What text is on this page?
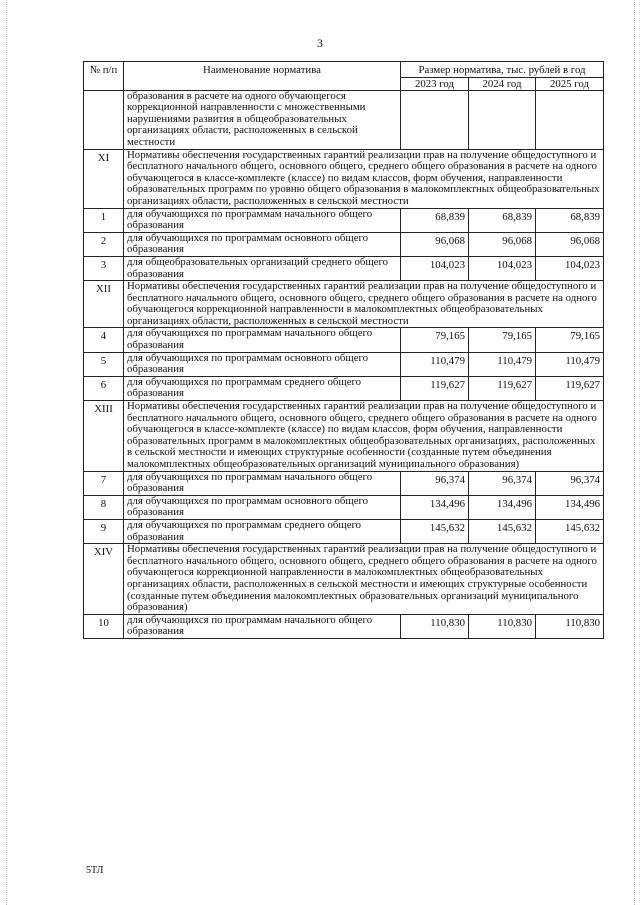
3
№ п/п	Наименование норматива	Размер норматива, тыс. рублей в год		
		2023 год	2024 год	2025 год
	образования в расчете на одного обучающегося коррекционной направленности с множественными нарушениями развития в общеобразовательных организациях области, расположенных в сельской местности			
XI	Нормативы обеспечения государственных гарантий реализации прав на получение общедоступного и бесплатного начального общего, основного общего, среднего общего образования в расчете на одного обучающегося в классе-комплекте (классе) по видам классов, форм обучения, направленности образовательных программ по уровню общего образования в малокомплектных общеобразовательных организациях области, расположенных в сельской местности			
1	для обучающихся по программам начального общего образования	68,839	68,839	68,839
2	для обучающихся по программам основного общего образования	96,068	96,068	96,068
3	для общеобразовательных организаций среднего общего образования	104,023	104,023	104,023
XII	Нормативы обеспечения государственных гарантий реализации прав на получение общедоступного и бесплатного начального общего, основного общего, среднего общего образования в расчете на одного обучающегося коррекционной направленности в малокомплектных общеобразовательных организациях области, расположенных в сельской местности			
4	для обучающихся по программам начального общего образования	79,165	79,165	79,165
5	для обучающихся по программам основного общего образования	110,479	110,479	110,479
6	для обучающихся по программам среднего общего образования	119,627	119,627	119,627
XIII	Нормативы обеспечения государственных гарантий реализации прав на получение общедоступного и бесплатного начального общего, основного общего, среднего общего образования в расчете на одного обучающегося в классе-комплекте (классе) по видам классов, форм обучения, направленности образовательных программ в малокомплектных общеобразовательных организациях, расположенных в сельской местности и имеющих структурные особенности (созданные путем объединения малокомплектных общеобразовательных организаций муниципального образования)			
7	для обучающихся по программам начального общего образования	96,374	96,374	96,374
8	для обучающихся по программам основного общего образования	134,496	134,496	134,496
9	для обучающихся по программам среднего общего образования	145,632	145,632	145,632
XIV	Нормативы обеспечения государственных гарантий реализации прав на получение общедоступного и бесплатного начального общего, основного общего, среднего общего образования в расчете на одного обучающегося коррекционной направленности в малокомплектных общеобразовательных организациях области, расположенных в сельской местности и имеющих структурные особенности (созданные путем объединения малокомплектных образовательных организаций муниципального образования)			
10	для обучающихся по программам начального общего образования	110,830	110,830	110,830
5ТЛ
